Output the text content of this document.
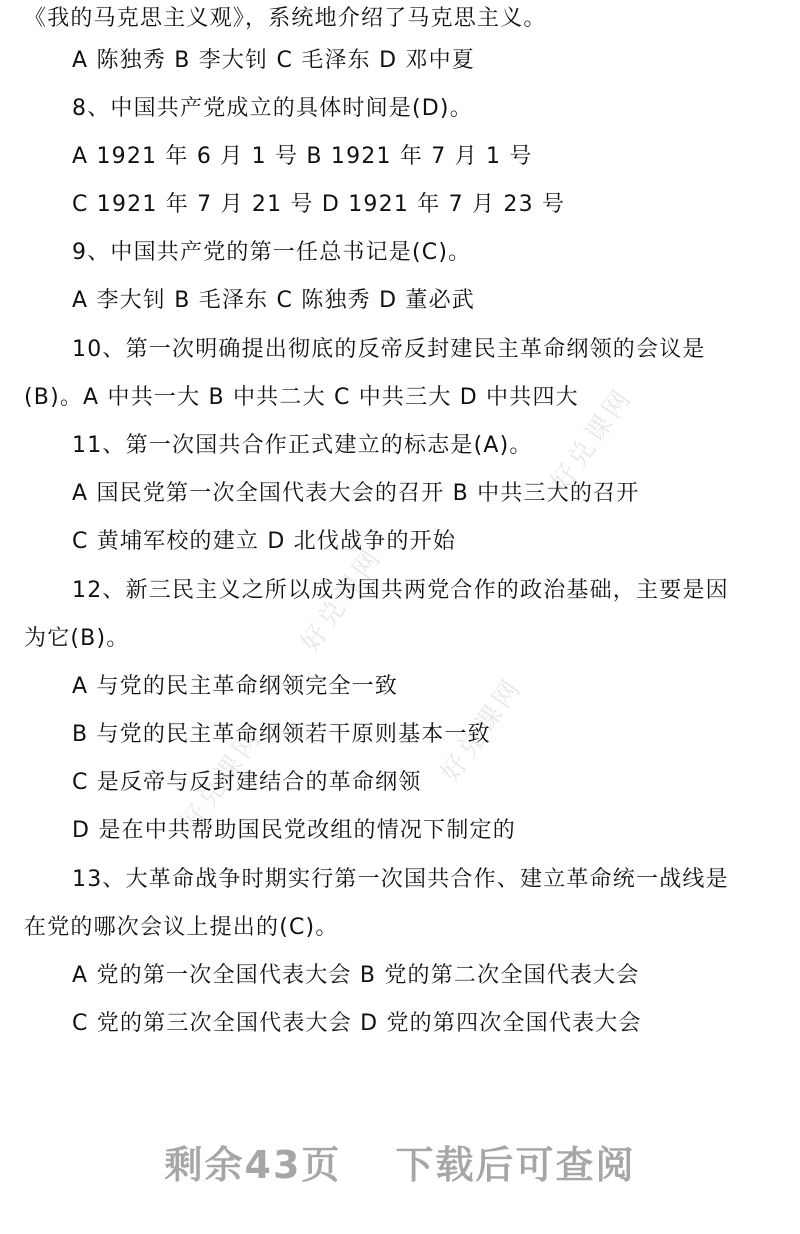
好兑课网
好兑课网
好兑课网
好兑课网
《我的马克思主义观》，系统地介绍了马克思主义。
A 陈独秀 B 李大钊 C 毛泽东 D 邓中夏
8、中国共产党成立的具体时间是(D)。
A 1921 年 6 月 1 号 B 1921 年 7 月 1 号
C 1921 年 7 月 21 号 D 1921 年 7 月 23 号
9、中国共产党的第一任总书记是(C)。
A 李大钊 B 毛泽东 C 陈独秀 D 董必武
10、第一次明确提出彻底的反帝反封建民主革命纲领的会议是
(B)。A 中共一大 B 中共二大 C 中共三大 D 中共四大
11、第一次国共合作正式建立的标志是(A)。
A 国民党第一次全国代表大会的召开 B 中共三大的召开
C 黄埔军校的建立 D 北伐战争的开始
12、新三民主义之所以成为国共两党合作的政治基础，主要是因
为它(B)。
A 与党的民主革命纲领完全一致
B 与党的民主革命纲领若干原则基本一致
C 是反帝与反封建结合的革命纲领
D 是在中共帮助国民党改组的情况下制定的
13、大革命战争时期实行第一次国共合作、建立革命统一战线是
在党的哪次会议上提出的(C)。
A 党的第一次全国代表大会 B 党的第二次全国代表大会
C 党的第三次全国代表大会 D 党的第四次全国代表大会
剩余43页 下载后可查阅
